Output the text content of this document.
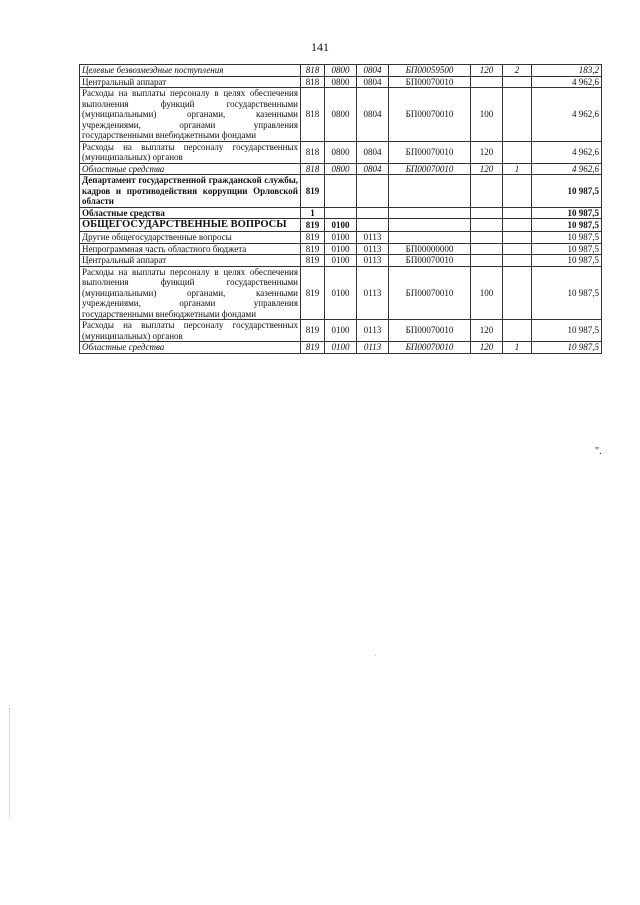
141
Целевые безвозмездные поступления	818	0800	0804	БП00059500	120	2	183,2
Центральный аппарат	818	0800	0804	БП00070010			4 962,6
Расходы на выплаты персоналу в целях обеспечения выполнения функций государственными (муниципальными) органами, казенными учреждениями, органами управления государственными внебюджетными фондами	818	0800	0804	БП00070010	100		4 962,6
Расходы на выплаты персоналу государственных (муниципальных) органов	818	0800	0804	БП00070010	120		4 962,6
Областные средства	818	0800	0804	БП00070010	120	1	4 962,6
Департамент государственной гражданской службы, кадров и противодействия коррупции Орловской области	819						10 987,5
Областные средства	1						10 987,5
ОБЩЕГОСУДАРСТВЕННЫЕ ВОПРОСЫ	819	0100					10 987,5
Другие общегосударственные вопросы	819	0100	0113				10 987,5
Непрограммная часть областного бюджета	819	0100	0113	БП00000000			10 987,5
Центральный аппарат	819	0100	0113	БП00070010			10 987,5
Расходы на выплаты персоналу в целях обеспечения выполнения функций государственными (муниципальными) органами, казенными учреждениями, органами управления государственными внебюджетными фондами	819	0100	0113	БП00070010	100		10 987,5
Расходы на выплаты персоналу государственных (муниципальных) органов	819	0100	0113	БП00070010	120		10 987,5
Областные средства	819	0100	0113	БП00070010	120	1	10 987,5
".
